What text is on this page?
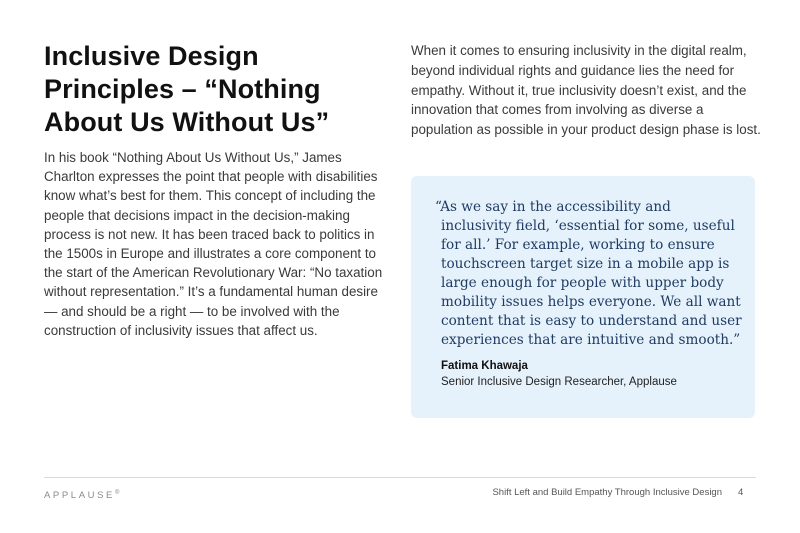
Inclusive Design
Principles – “Nothing
About Us Without Us”

In his book “Nothing About Us Without Us,” James Charlton expresses the point that people with disabilities know what’s best for them. This concept of including the people that decisions impact in the decision-making process is not new. It has been traced back to politics in the 1500s in Europe and illustrates a core component to the start of the American Revolutionary War: “No taxation without representation.” It’s a fundamental human desire — and should be a right — to be involved with the construction of inclusivity issues that affect us.

When it comes to ensuring inclusivity in the digital realm, beyond individual rights and guidance lies the need for empathy. Without it, true inclusivity doesn’t exist, and the innovation that comes from involving as diverse a population as possible in your product design phase is lost.

“As we say in the accessibility and inclusivity field, ‘essential for some, useful for all.’ For example, working to ensure touchscreen target size in a mobile app is large enough for people with upper body mobility issues helps everyone. We all want content that is easy to understand and user experiences that are intuitive and smooth.”

Fatima Khawaja
Senior Inclusive Design Researcher, Applause
APPLAUSE®	Shift Left and Build Empathy Through Inclusive Design 4
